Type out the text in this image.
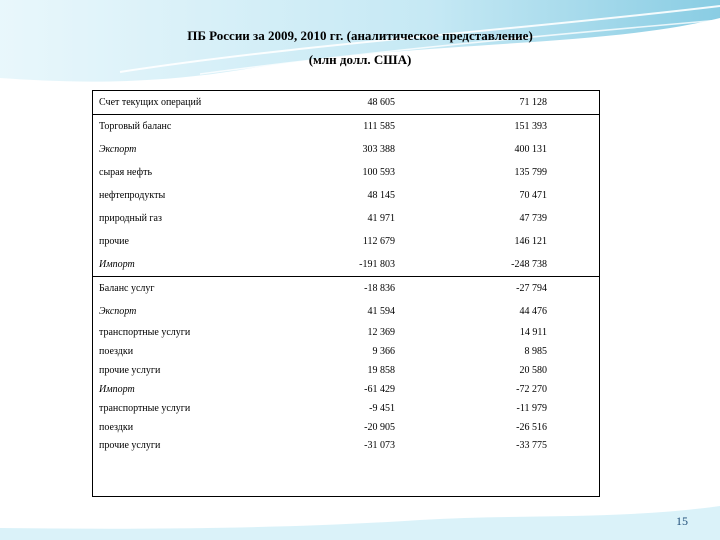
ПБ России за 2009, 2010 гг. (аналитическое представление)
(млн долл. США)
Счет текущих операций	48 605	71 128
Торговый баланс	111 585	151 393
Экспорт	303 388	400 131
сырая нефть	100 593	135 799
нефтепродукты	48 145	70 471
природный газ	41 971	47 739
прочие	112 679	146 121
Импорт	-191 803	-248 738
Баланс услуг	-18 836	-27 794
Экспорт	41 594	44 476
транспортные услуги	12 369	14 911
поездки	9 366	8 985
прочие услуги	19 858	20 580
Импорт	-61 429	-72 270
транспортные услуги	-9 451	-11 979
поездки	-20 905	-26 516
прочие услуги	-31 073	-33 775
15
